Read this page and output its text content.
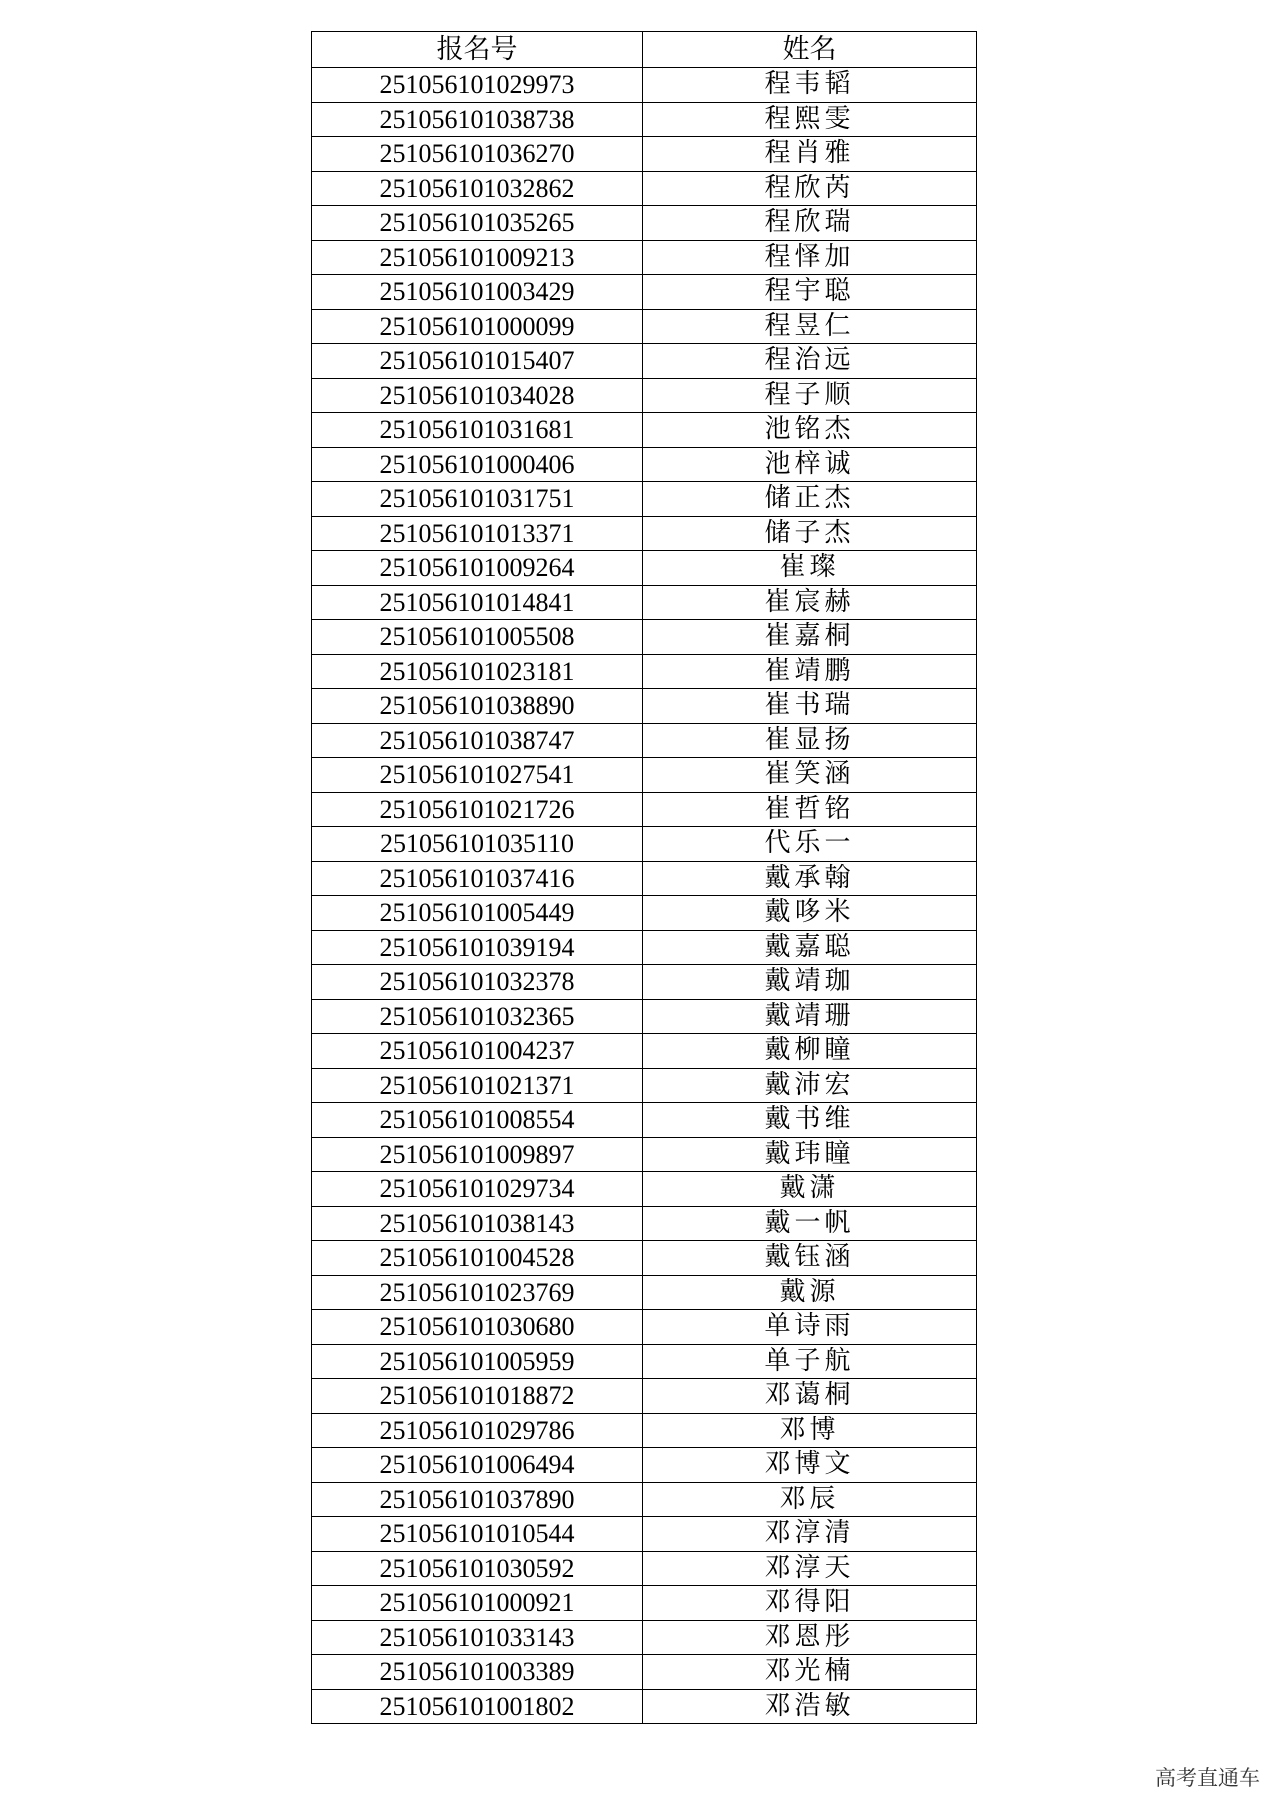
报名号	姓名
251056101029973	程韦韬
251056101038738	程熙雯
251056101036270	程肖雅
251056101032862	程欣芮
251056101035265	程欣瑞
251056101009213	程怿加
251056101003429	程宇聪
251056101000099	程昱仁
251056101015407	程治远
251056101034028	程子顺
251056101031681	池铭杰
251056101000406	池梓诚
251056101031751	储正杰
251056101013371	储子杰
251056101009264	崔璨
251056101014841	崔宸赫
251056101005508	崔嘉桐
251056101023181	崔靖鹏
251056101038890	崔书瑞
251056101038747	崔显扬
251056101027541	崔笑涵
251056101021726	崔哲铭
251056101035110	代乐一
251056101037416	戴承翰
251056101005449	戴哆米
251056101039194	戴嘉聪
251056101032378	戴靖珈
251056101032365	戴靖珊
251056101004237	戴柳瞳
251056101021371	戴沛宏
251056101008554	戴书维
251056101009897	戴玮瞳
251056101029734	戴潇
251056101038143	戴一帆
251056101004528	戴钰涵
251056101023769	戴源
251056101030680	单诗雨
251056101005959	单子航
251056101018872	邓蔼桐
251056101029786	邓博
251056101006494	邓博文
251056101037890	邓辰
251056101010544	邓淳清
251056101030592	邓淳天
251056101000921	邓得阳
251056101033143	邓恩彤
251056101003389	邓光楠
251056101001802	邓浩敏
高考直通车
